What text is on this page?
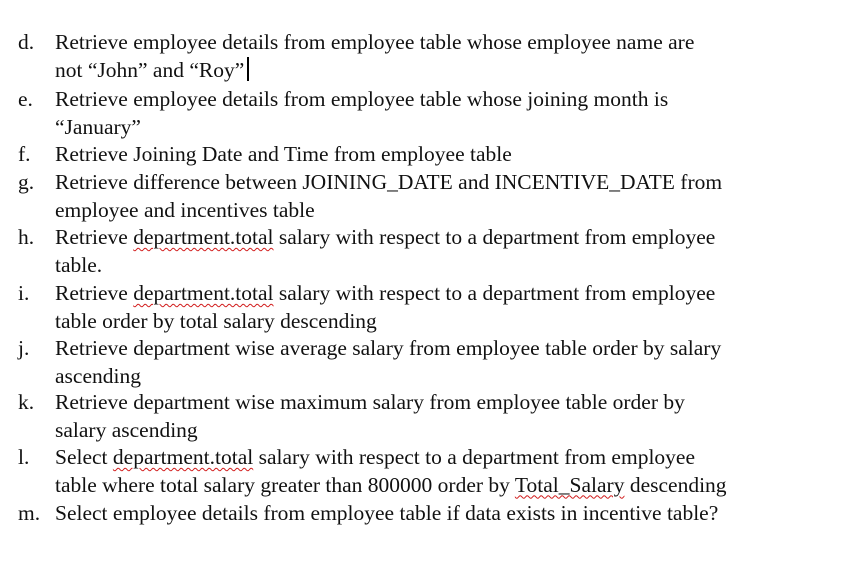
d. Retrieve employee details from employee table whose employee name are
not “John” and “Roy”
e.	Retrieve employee details from employee table whose joining month is
“January”
f.	Retrieve Joining Date and Time from employee table
g. Retrieve difference between JOINING_DATE and INCENTIVE_DATE from
employee and incentives table
h. Retrieve department.total salary with respect to a department from employee
table.
i.	Retrieve department.total salary with respect to a department from employee
table order by total salary descending
j.	Retrieve department wise average salary from employee table order by salary
ascending
k. Retrieve department wise maximum salary from employee table order by
salary ascending
l.	Select department.total salary with respect to a department from employee
table where total salary greater than 800000 order by Total_Salary descending
m. Select employee details from employee table if data exists in incentive table?
